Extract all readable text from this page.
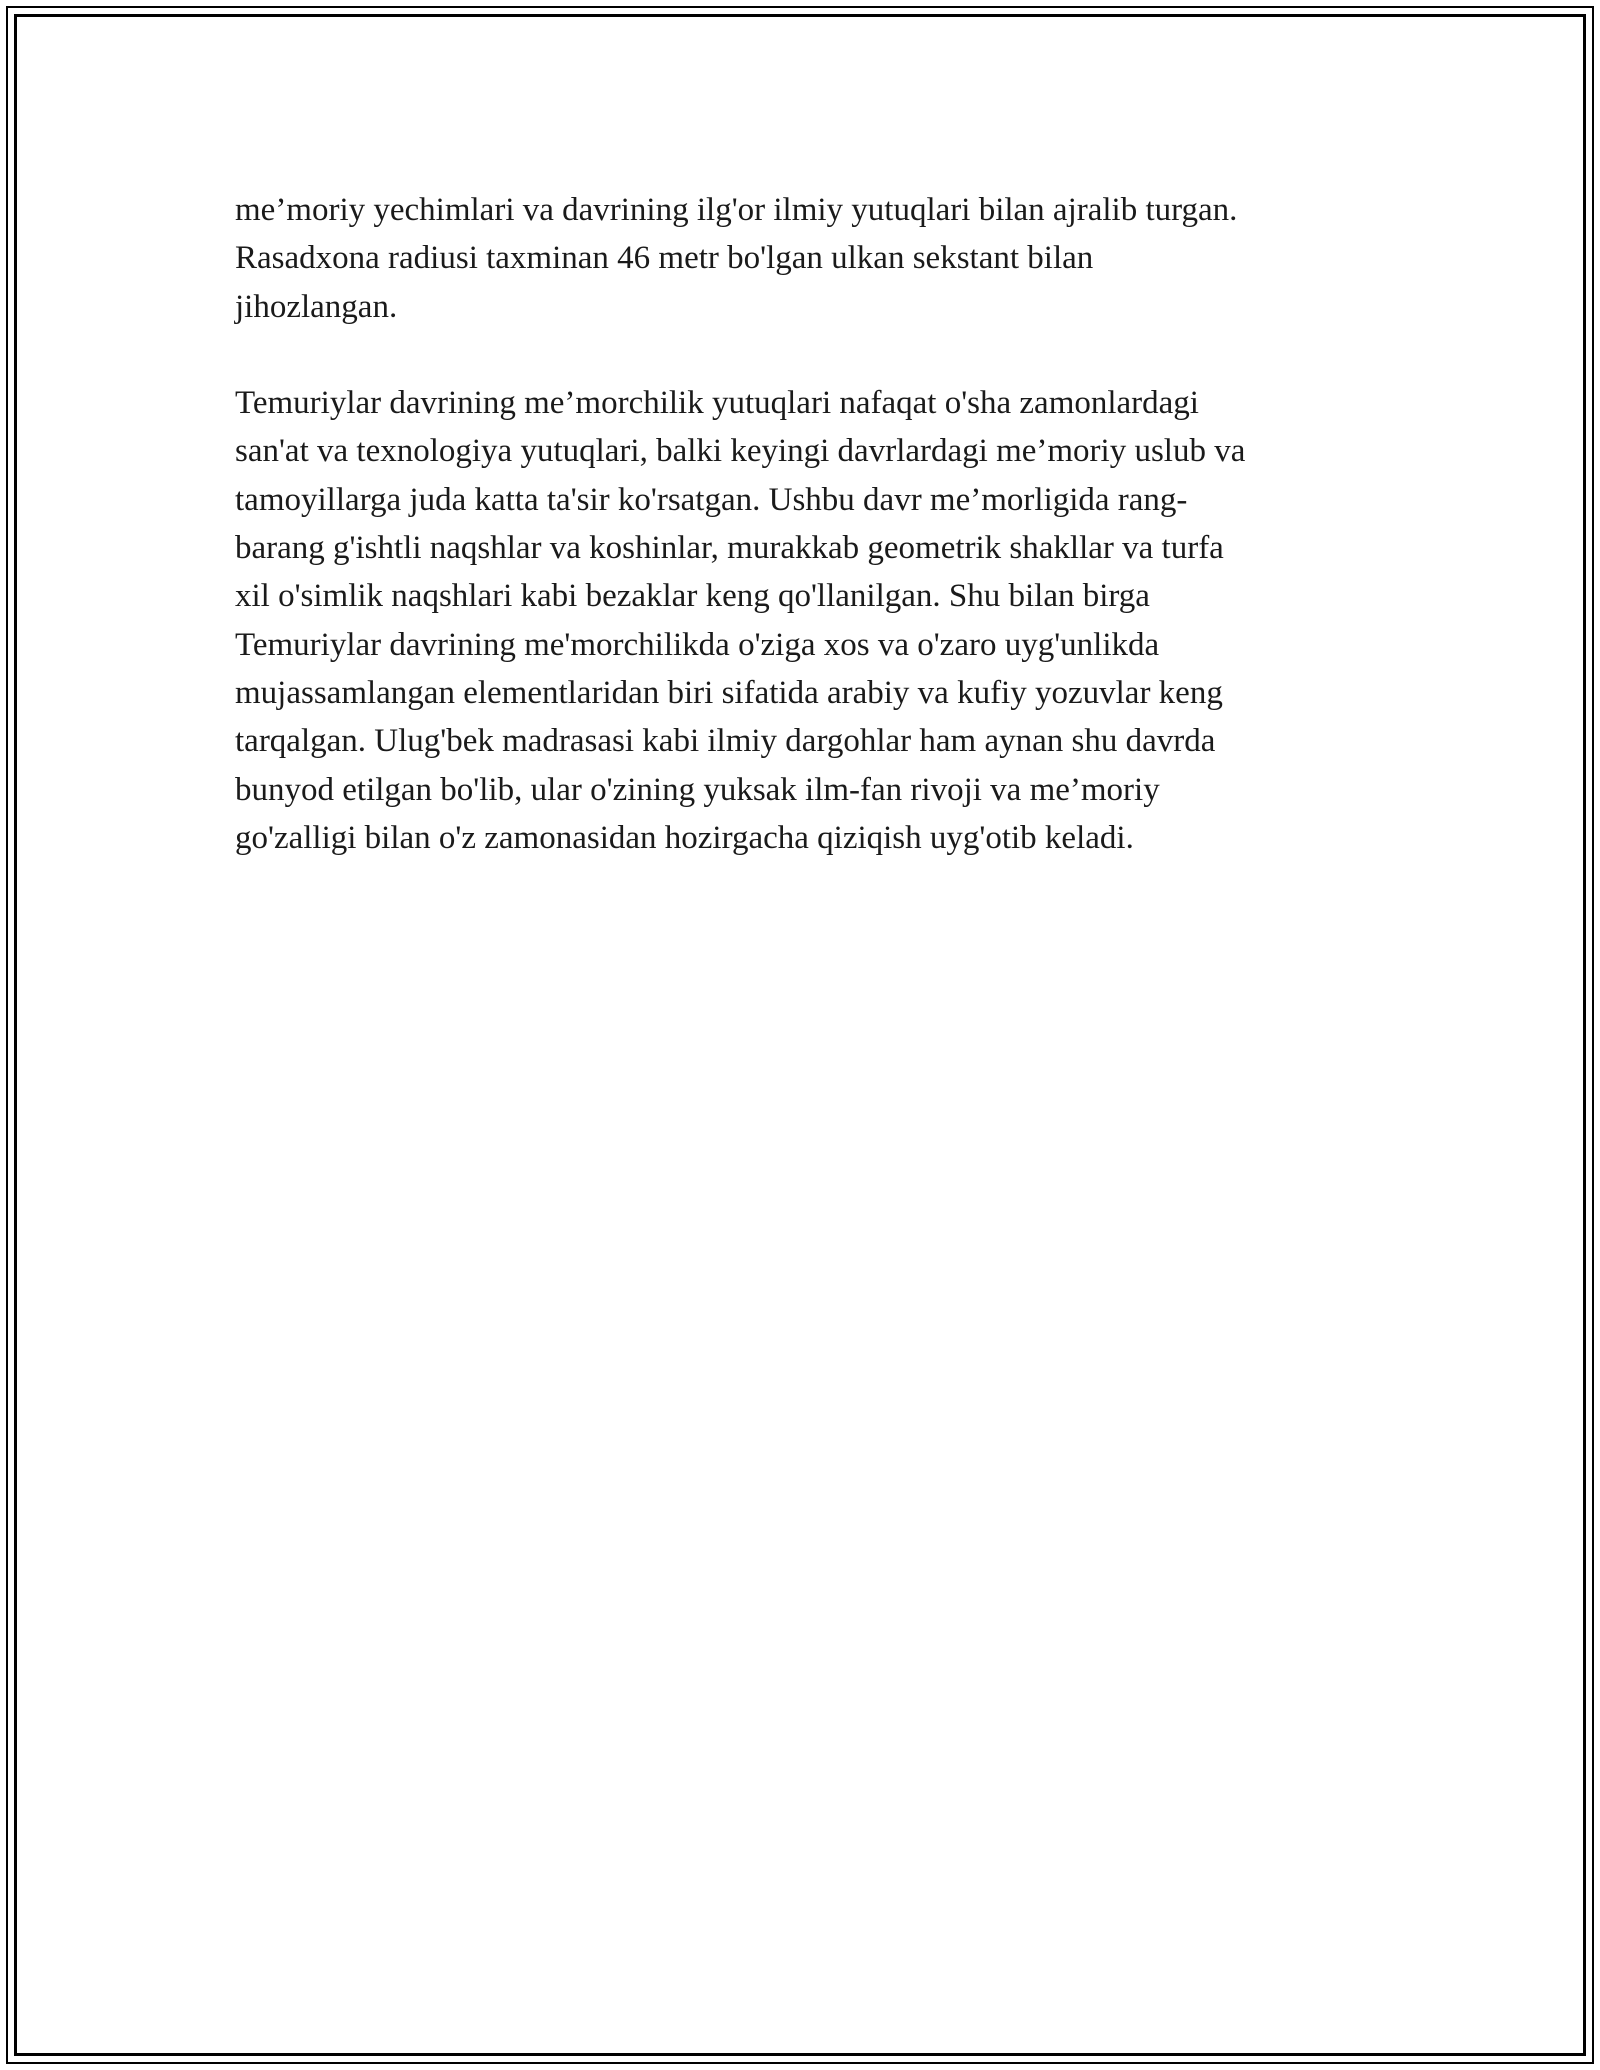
me’moriy yechimlari va davrining ilg'or ilmiy yutuqlari bilan ajralib turgan.
Rasadxona radiusi taxminan 46 metr bo'lgan ulkan sekstant bilan
jihozlangan.

Temuriylar davrining me’morchilik yutuqlari nafaqat o'sha zamonlardagi
san'at va texnologiya yutuqlari, balki keyingi davrlardagi me’moriy uslub va
tamoyillarga juda katta ta'sir ko'rsatgan. Ushbu davr me’morligida rang-
barang g'ishtli naqshlar va koshinlar, murakkab geometrik shakllar va turfa
xil o'simlik naqshlari kabi bezaklar keng qo'llanilgan. Shu bilan birga
Temuriylar davrining me'morchilikda o'ziga xos va o'zaro uyg'unlikda
mujassamlangan elementlaridan biri sifatida arabiy va kufiy yozuvlar keng
tarqalgan. Ulug'bek madrasasi kabi ilmiy dargohlar ham aynan shu davrda
bunyod etilgan bo'lib, ular o'zining yuksak ilm-fan rivoji va me’moriy
go'zalligi bilan o'z zamonasidan hozirgacha qiziqish uyg'otib keladi.
